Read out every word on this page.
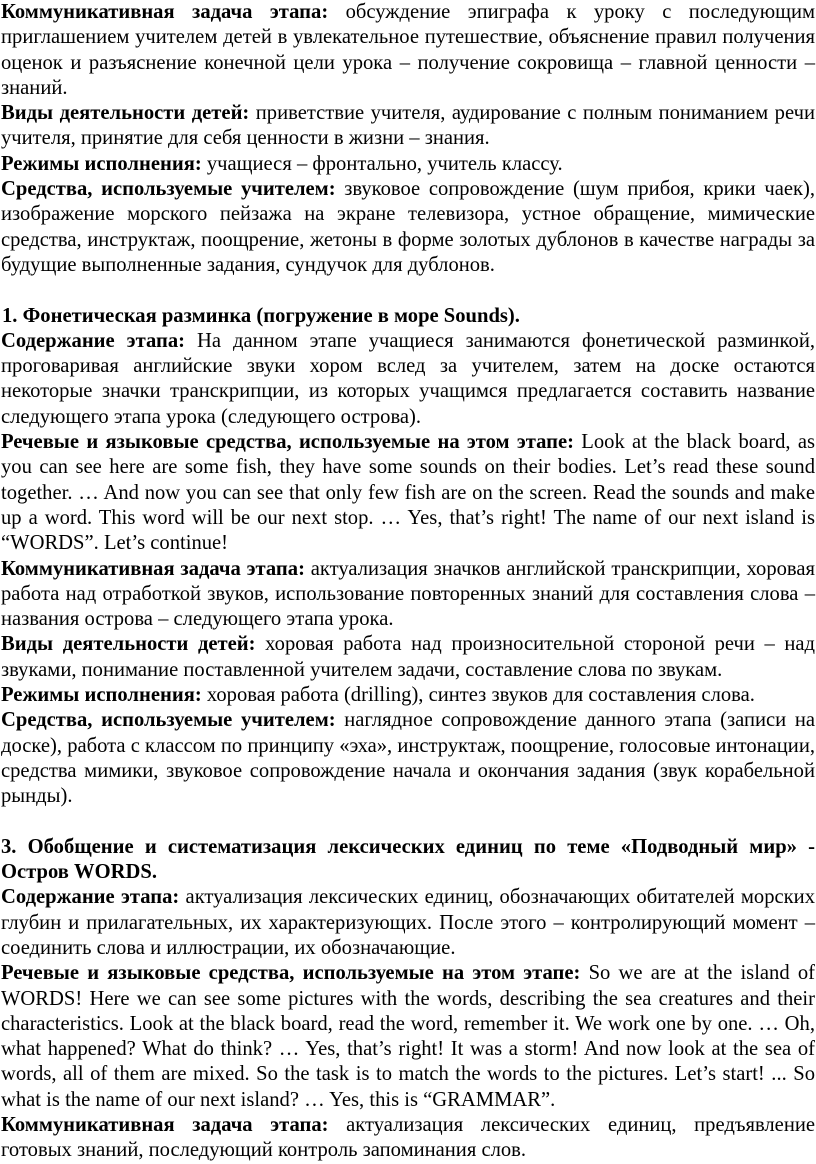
Коммуникативная задача этапа: обсуждение эпиграфа к уроку с последующим приглашением учителем детей в увлекательное путешествие, объяснение правил получения оценок и разъяснение конечной цели урока – получение сокровища – главной ценности – знаний.

Виды деятельности детей: приветствие учителя, аудирование с полным пониманием речи учителя, принятие для себя ценности в жизни – знания.

Режимы исполнения: учащиеся – фронтально, учитель классу.

Средства, используемые учителем: звуковое сопровождение (шум прибоя, крики чаек), изображение морского пейзажа на экране телевизора, устное обращение, мимические средства, инструктаж, поощрение, жетоны в форме золотых дублонов в качестве награды за будущие выполненные задания, сундучок для дублонов.

1. Фонетическая разминка (погружение в море Sounds).

Содержание этапа: На данном этапе учащиеся занимаются фонетической разминкой, проговаривая английские звуки хором вслед за учителем, затем на доске остаются некоторые значки транскрипции, из которых учащимся предлагается составить название следующего этапа урока (следующего острова).

Речевые и языковые средства, используемые на этом этапе: Look at the black board, as you can see here are some fish, they have some sounds on their bodies. Let’s read these sound together. … And now you can see that only few fish are on the screen. Read the sounds and make up a word. This word will be our next stop. … Yes, that’s right! The name of our next island is “WORDS”. Let’s continue!

Коммуникативная задача этапа: актуализация значков английской транскрипции, хоровая работа над отработкой звуков, использование повторенных знаний для составления слова – названия острова – следующего этапа урока.

Виды деятельности детей: хоровая работа над произносительной стороной речи – над звуками, понимание поставленной учителем задачи, составление слова по звукам.

Режимы исполнения: хоровая работа (drilling), синтез звуков для составления слова.

Средства, используемые учителем: наглядное сопровождение данного этапа (записи на доске), работа с классом по принципу «эха», инструктаж, поощрение, голосовые интонации, средства мимики, звуковое сопровождение начала и окончания задания (звук корабельной рынды).

3. Обобщение и систематизация лексических единиц по теме «Подводный мир» - Остров WORDS.

Содержание этапа: актуализация лексических единиц, обозначающих обитателей морских глубин и прилагательных, их характеризующих. После этого – контролирующий момент – соединить слова и иллюстрации, их обозначающие.

Речевые и языковые средства, используемые на этом этапе: So we are at the island of WORDS! Here we can see some pictures with the words, describing the sea creatures and their characteristics. Look at the black board, read the word, remember it. We work one by one. … Oh, what happened? What do think? … Yes, that’s right! It was a storm! And now look at the sea of words, all of them are mixed. So the task is to match the words to the pictures. Let’s start! ... So what is the name of our next island? … Yes, this is “GRAMMAR”.

Коммуникативная задача этапа: актуализация лексических единиц, предъявление готовых знаний, последующий контроль запоминания слов.
